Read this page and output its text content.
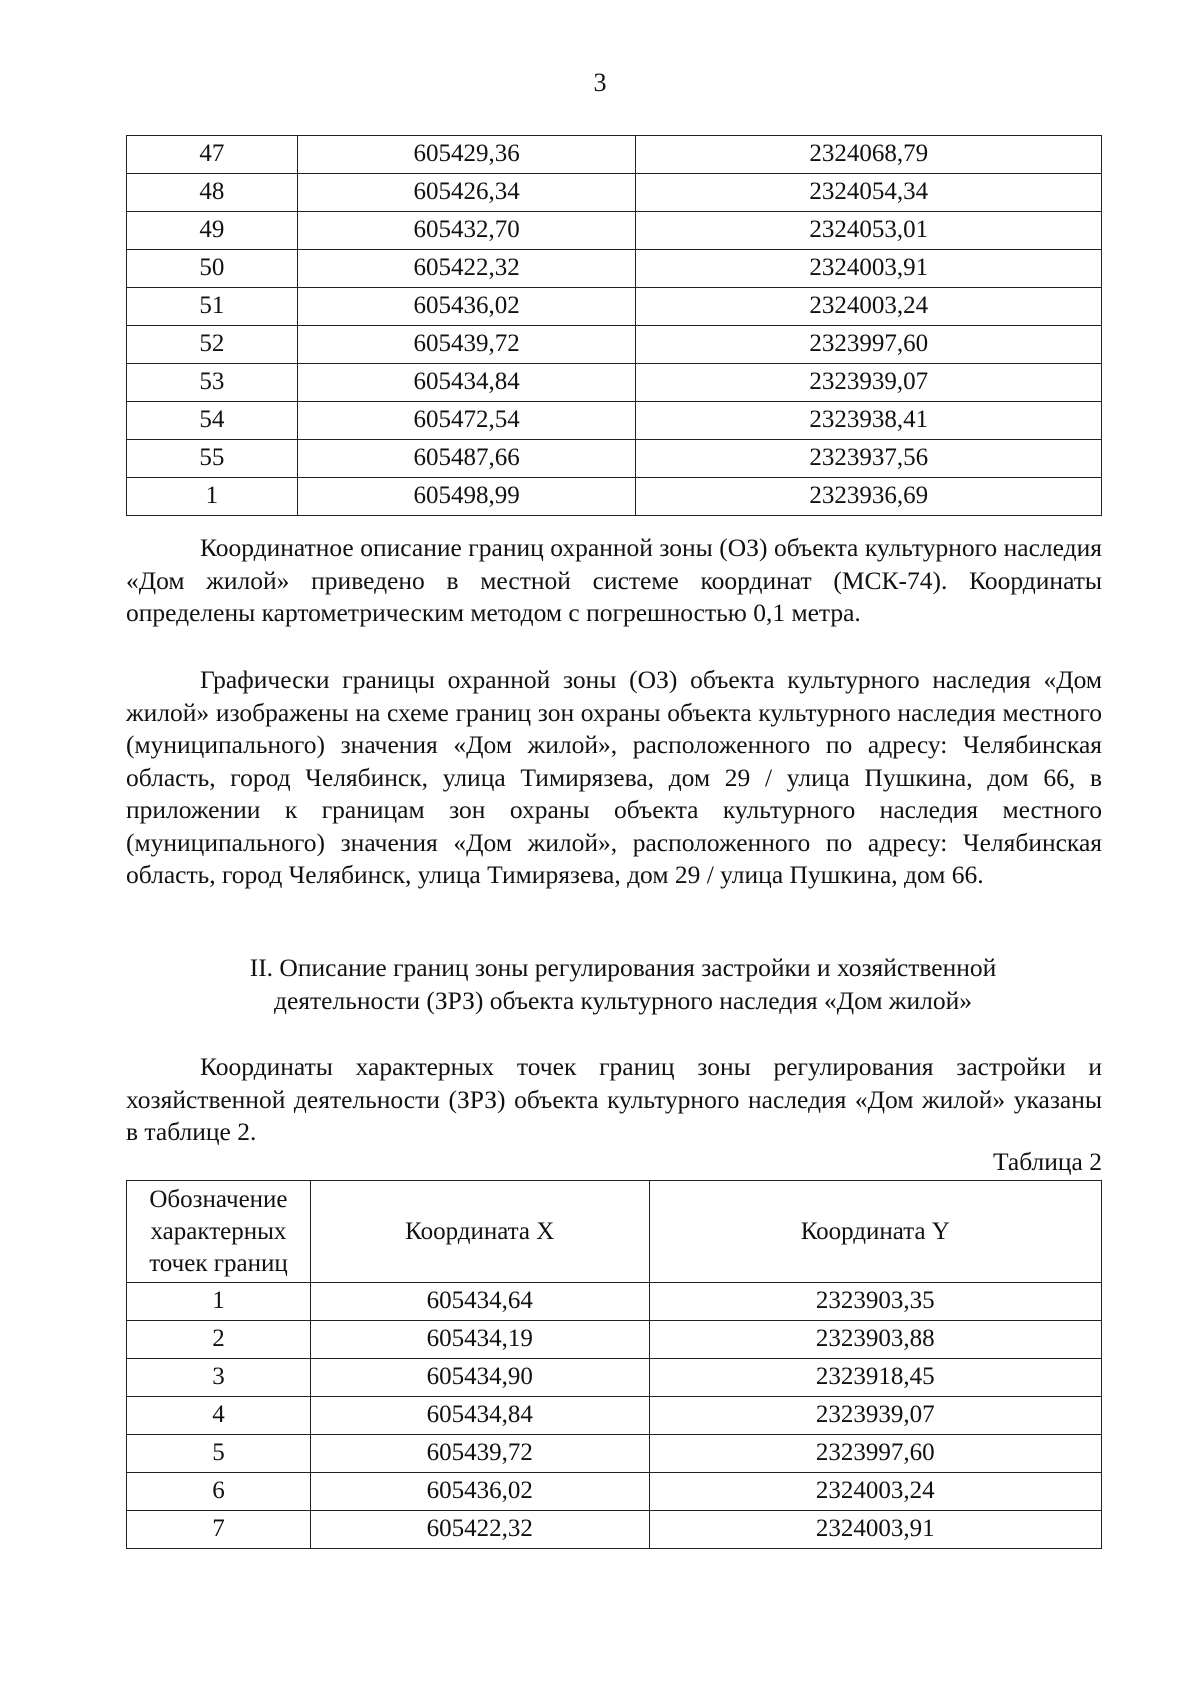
3
47	605429,36	2324068,79
48	605426,34	2324054,34
49	605432,70	2324053,01
50	605422,32	2324003,91
51	605436,02	2324003,24
52	605439,72	2323997,60
53	605434,84	2323939,07
54	605472,54	2323938,41
55	605487,66	2323937,56
1	605498,99	2323936,69

Координатное описание границ охранной зоны (ОЗ) объекта культурного наследия «Дом жилой» приведено в местной системе координат (МСК-74). Координаты определены картометрическим методом с погрешностью 0,1 метра.

Графически границы охранной зоны (ОЗ) объекта культурного наследия «Дом жилой» изображены на схеме границ зон охраны объекта культурного наследия местного (муниципального) значения «Дом жилой», расположенного по адресу: Челябинская область, город Челябинск, улица Тимирязева, дом 29 / улица Пушкина, дом 66, в приложении к границам зон охраны объекта культурного наследия местного (муниципального) значения «Дом жилой», расположенного по адресу: Челябинская область, город Челябинск, улица Тимирязева, дом 29 / улица Пушкина, дом 66.

II. Описание границ зоны регулирования застройки и хозяйственной
деятельности (ЗРЗ) объекта культурного наследия «Дом жилой»

Координаты характерных точек границ зоны регулирования застройки и хозяйственной деятельности (ЗРЗ) объекта культурного наследия «Дом жилой» указаны в таблице 2.

Таблица 2
Обозначение
характерных
точек границ	Координата X	Координата Y
1	605434,64	2323903,35
2	605434,19	2323903,88
3	605434,90	2323918,45
4	605434,84	2323939,07
5	605439,72	2323997,60
6	605436,02	2324003,24
7	605422,32	2324003,91
